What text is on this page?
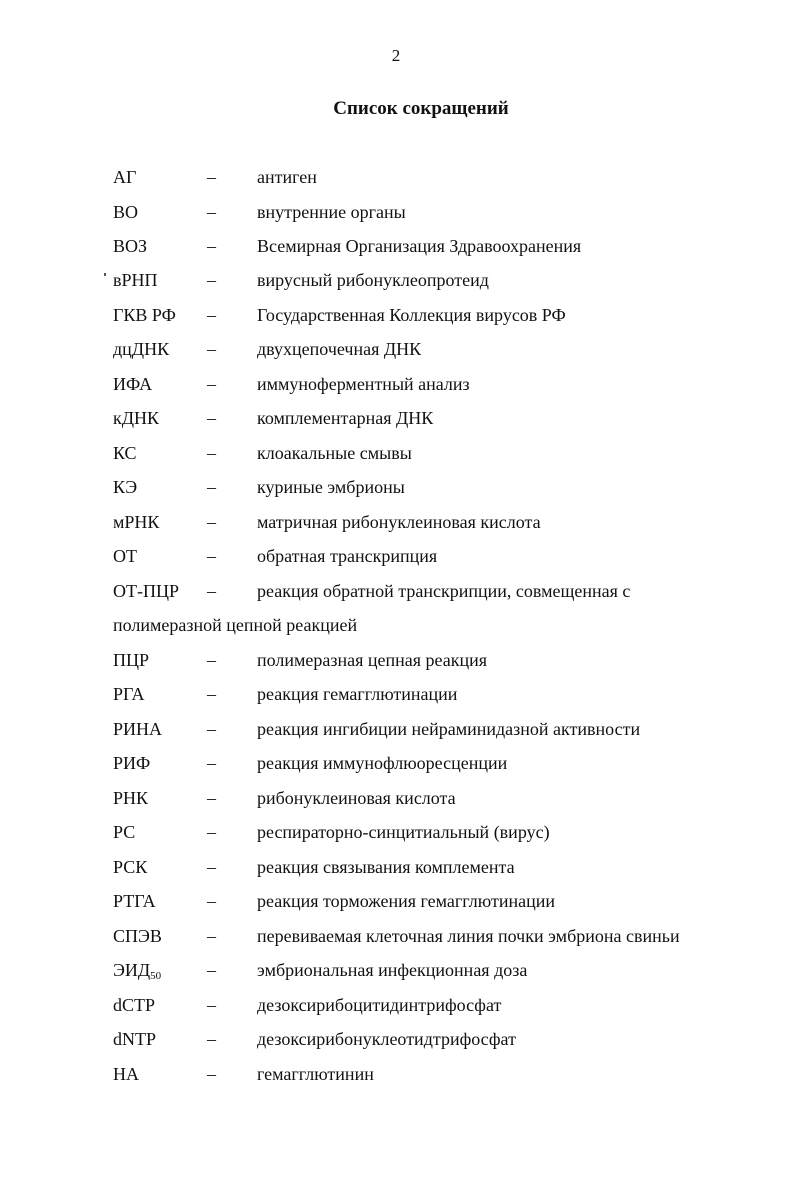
2
Список сокращений
АГ	– антиген
ВО	– внутренние органы
ВОЗ	– Всемирная Организация Здравоохранения
вРНП	– вирусный рибонуклеопротеид
ГКВ РФ – Государственная Коллекция вирусов РФ
дцДНК – двухцепочечная ДНК
ИФА	– иммуноферментный анализ
кДНК	– комплементарная ДНК
КС	– клоакальные смывы
КЭ	– куриные эмбрионы
мРНК	– матричная рибонуклеиновая кислота
ОТ	– обратная транскрипция
ОТ-ПЦР – реакция обратной транскрипции, совмещенная с
полимеразной цепной реакцией
ПЦР	– полимеразная цепная реакция
РГА	– реакция гемагглютинации
РИНА – реакция ингибиции нейраминидазной активности
РИФ	– реакция иммунофлюоресценции
РНК	– рибонуклеиновая кислота
РС	– респираторно-синцитиальный (вирус)
РСК	– реакция связывания комплемента
РТГА	– реакция торможения гемагглютинации
СПЭВ	– перевиваемая клеточная линия почки эмбриона свиньи
$ЭИД_{50}$	– эмбриональная инфекционная доза
dCTP	– дезоксирибоцитидинтрифосфат
dNTP	– дезоксирибонуклеотидтрифосфат
НА	– гемагглютинин
